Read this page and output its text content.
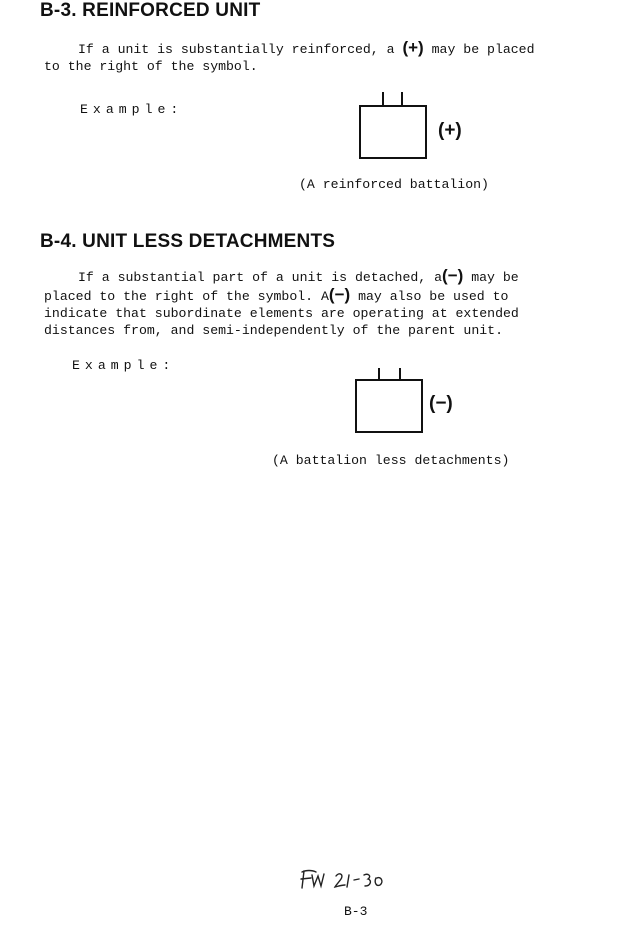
B-3. REINFORCED UNIT

If a unit is substantially reinforced, a (+) may be placed
to the right of the symbol.

Example:
(+)
(A reinforced battalion)
B-4. UNIT LESS DETACHMENTS

If a substantial part of a unit is detached, a(−) may be
placed to the right of the symbol. A(−) may also be used to
indicate that subordinate elements are operating at extended
distances from, and semi-independently of the parent unit.

Example:
(−)
(A battalion less detachments)
B-3
